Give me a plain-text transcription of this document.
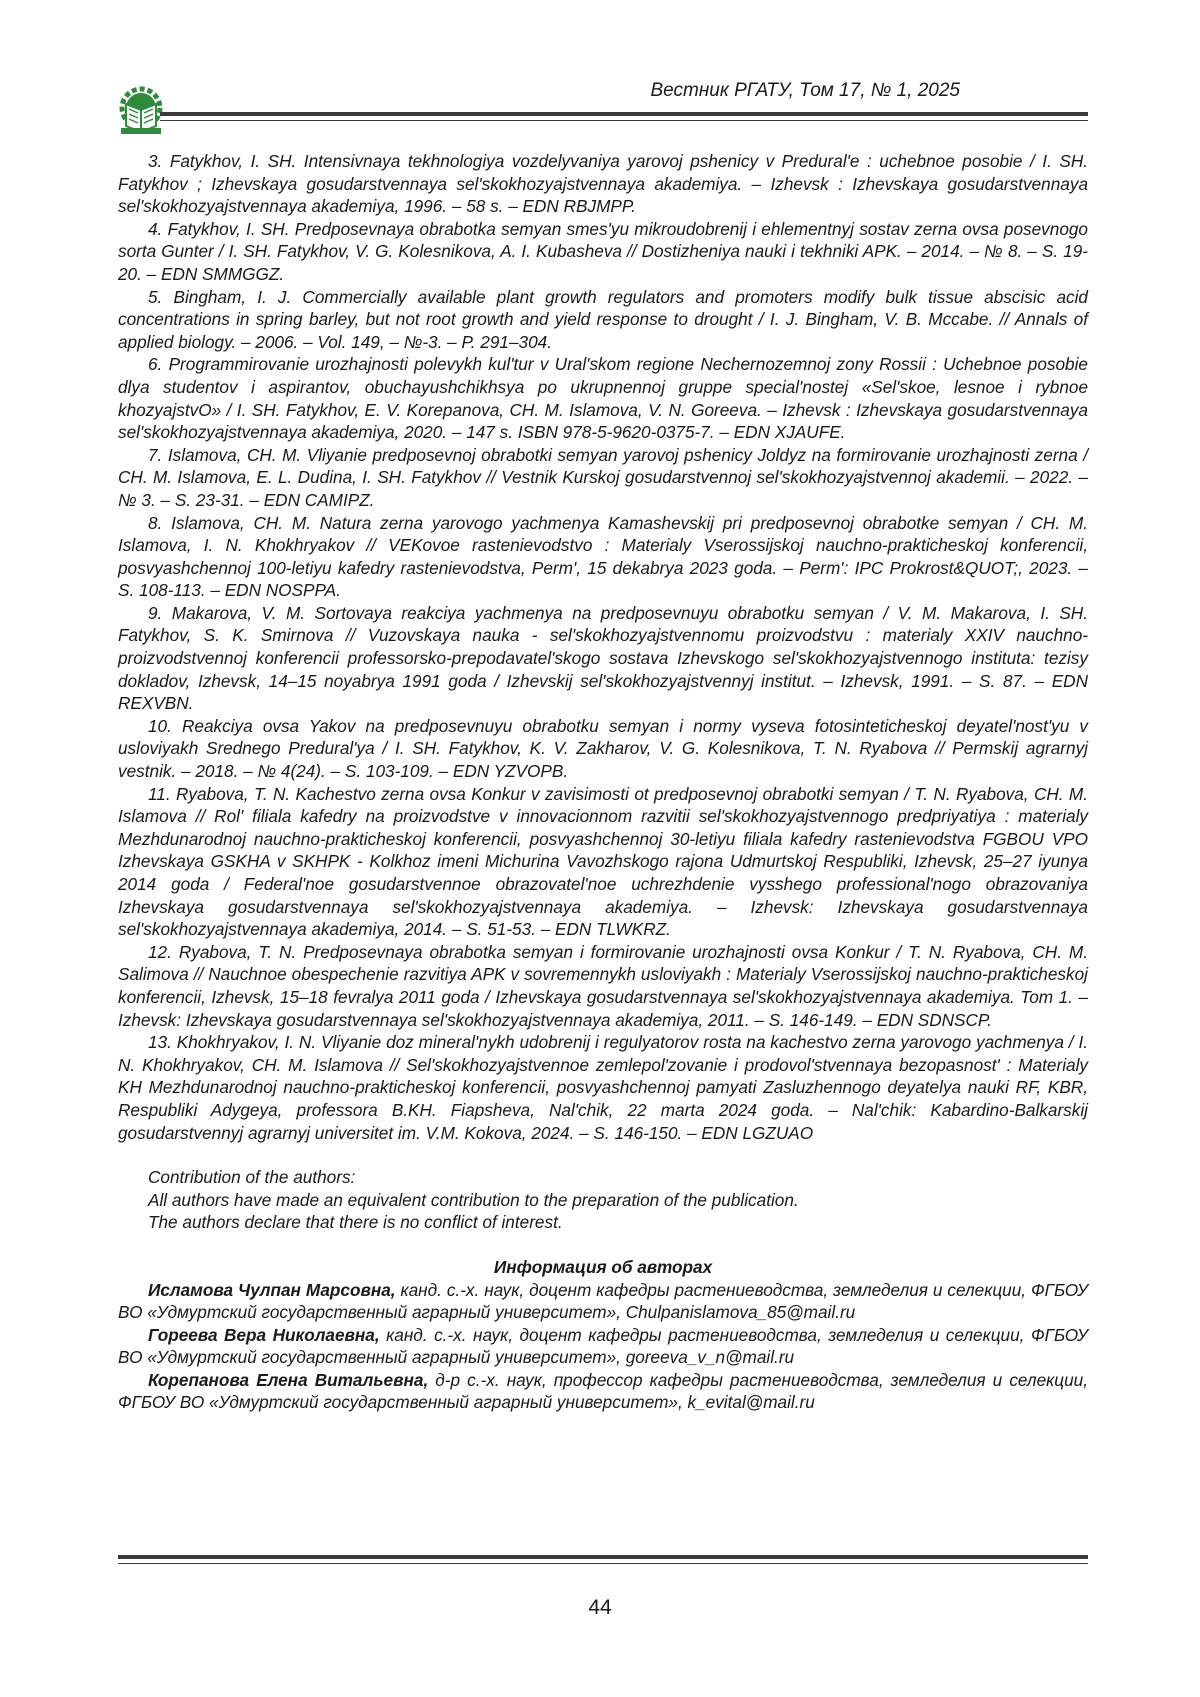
Вестник РГАТУ, Том 17, № 1, 2025

3. Fatykhov, I. SH. Intensivnaya tekhnologiya vozdelyvaniya yarovoj pshenicy v Predural'e : uchebnoe posobie / I. SH. Fatykhov ; Izhevskaya gosudarstvennaya sel'skokhozyajstvennaya akademiya. – Izhevsk : Izhevskaya gosudarstvennaya sel'skokhozyajstvennaya akademiya, 1996. – 58 s. – EDN RBJMPP.

4. Fatykhov, I. SH. Predposevnaya obrabotka semyan smes'yu mikroudobrenij i ehlementnyj sostav zerna ovsa posevnogo sorta Gunter / I. SH. Fatykhov, V. G. Kolesnikova, A. I. Kubasheva // Dostizheniya nauki i tekhniki APK. – 2014. – № 8. – S. 19-20. – EDN SMMGGZ.

5. Bingham, I. J. Commercially available plant growth regulators and promoters modify bulk tissue abscisic acid concentrations in spring barley, but not root growth and yield response to drought / I. J. Bingham, V. B. Mccabe. // Annals of applied biology. – 2006. – Vol. 149, – №-3. – P. 291–304.

6. Programmirovanie urozhajnosti polevykh kul'tur v Ural'skom regione Nechernozemnoj zony Rossii : Uchebnoe posobie dlya studentov i aspirantov, obuchayushchikhsya po ukrupnennoj gruppe special'nostej «Sel'skoe, lesnoe i rybnoe khozyajstvO» / I. SH. Fatykhov, E. V. Korepanova, CH. M. Islamova, V. N. Goreeva. – Izhevsk : Izhevskaya gosudarstvennaya sel'skokhozyajstvennaya akademiya, 2020. – 147 s. ISBN 978-5-9620-0375-7. – EDN XJAUFE.

7. Islamova, CH. M. Vliyanie predposevnoj obrabotki semyan yarovoj pshenicy Joldyz na formirovanie urozhajnosti zerna / CH. M. Islamova, E. L. Dudina, I. SH. Fatykhov // Vestnik Kurskoj gosudarstvennoj sel'skokhozyajstvennoj akademii. – 2022. – № 3. – S. 23-31. – EDN CAMIPZ.

8. Islamova, CH. M. Natura zerna yarovogo yachmenya Kamashevskij pri predposevnoj obrabotke semyan / CH. M. Islamova, I. N. Khokhryakov // VEKovoe rastenievodstvo : Materialy Vserossijskoj nauchno-prakticheskoj konferencii, posvyashchennoj 100-letiyu kafedry rastenievodstva, Perm', 15 dekabrya 2023 goda. – Perm': IPC Prokrost&QUOT;, 2023. – S. 108-113. – EDN NOSPPA.

9. Makarova, V. M. Sortovaya reakciya yachmenya na predposevnuyu obrabotku semyan / V. M. Makarova, I. SH. Fatykhov, S. K. Smirnova // Vuzovskaya nauka - sel'skokhozyajstvennomu proizvodstvu : materialy XXIV nauchno-proizvodstvennoj konferencii professorsko-prepodavatel'skogo sostava Izhevskogo sel'skokhozyajstvennogo instituta: tezisy dokladov, Izhevsk, 14–15 noyabrya 1991 goda / Izhevskij sel'skokhozyajstvennyj institut. – Izhevsk, 1991. – S. 87. – EDN REXVBN.

10. Reakciya ovsa Yakov na predposevnuyu obrabotku semyan i normy vyseva fotosinteticheskoj deyatel'nost'yu v usloviyakh Srednego Predural'ya / I. SH. Fatykhov, K. V. Zakharov, V. G. Kolesnikova, T. N. Ryabova // Permskij agrarnyj vestnik. – 2018. – № 4(24). – S. 103-109. – EDN YZVOPB.

11. Ryabova, T. N. Kachestvo zerna ovsa Konkur v zavisimosti ot predposevnoj obrabotki semyan / T. N. Ryabova, CH. M. Islamova // Rol' filiala kafedry na proizvodstve v innovacionnom razvitii sel'skokhozyajstvennogo predpriyatiya : materialy Mezhdunarodnoj nauchno-prakticheskoj konferencii, posvyashchennoj 30-letiyu filiala kafedry rastenievodstva FGBOU VPO Izhevskaya GSKHA v SKHPK - Kolkhoz imeni Michurina Vavozhskogo rajona Udmurtskoj Respubliki, Izhevsk, 25–27 iyunya 2014 goda / Federal'noe gosudarstvennoe obrazovatel'noe uchrezhdenie vysshego professional'nogo obrazovaniya Izhevskaya gosudarstvennaya sel'skokhozyajstvennaya akademiya. – Izhevsk: Izhevskaya gosudarstvennaya sel'skokhozyajstvennaya akademiya, 2014. – S. 51-53. – EDN TLWKRZ.

12. Ryabova, T. N. Predposevnaya obrabotka semyan i formirovanie urozhajnosti ovsa Konkur / T. N. Ryabova, CH. M. Salimova // Nauchnoe obespechenie razvitiya APK v sovremennykh usloviyakh : Materialy Vserossijskoj nauchno-prakticheskoj konferencii, Izhevsk, 15–18 fevralya 2011 goda / Izhevskaya gosudarstvennaya sel'skokhozyajstvennaya akademiya. Tom 1. – Izhevsk: Izhevskaya gosudarstvennaya sel'skokhozyajstvennaya akademiya, 2011. – S. 146-149. – EDN SDNSCP.

13. Khokhryakov, I. N. Vliyanie doz mineral'nykh udobrenij i regulyatorov rosta na kachestvo zerna yarovogo yachmenya / I. N. Khokhryakov, CH. M. Islamova // Sel'skokhozyajstvennoe zemlepol'zovanie i prodovol'stvennaya bezopasnost' : Materialy KH Mezhdunarodnoj nauchno-prakticheskoj konferencii, posvyashchennoj pamyati Zasluzhennogo deyatelya nauki RF, KBR, Respubliki Adygeya, professora B.KH. Fiapsheva, Nal'chik, 22 marta 2024 goda. – Nal'chik: Kabardino-Balkarskij gosudarstvennyj agrarnyj universitet im. V.M. Kokova, 2024. – S. 146-150. – EDN LGZUAO

Contribution of the authors:
All authors have made an equivalent contribution to the preparation of the publication.
The authors declare that there is no conflict of interest.
Информация об авторах

Исламова Чулпан Марсовна, канд. с.-х. наук, доцент кафедры растениеводства, земледелия и селекции, ФГБОУ ВО «Удмуртский государственный аграрный университет», Chulpanislamova_85@mail.ru

Гореева Вера Николаевна, канд. с.-х. наук, доцент кафедры растениеводства, земледелия и селекции, ФГБОУ ВО «Удмуртский государственный аграрный университет», goreeva_v_n@mail.ru

Корепанова Елена Витальевна, д-р с.-х. наук, профессор кафедры растениеводства, земледелия и селекции, ФГБОУ ВО «Удмуртский государственный аграрный университет», k_evital@mail.ru

44
